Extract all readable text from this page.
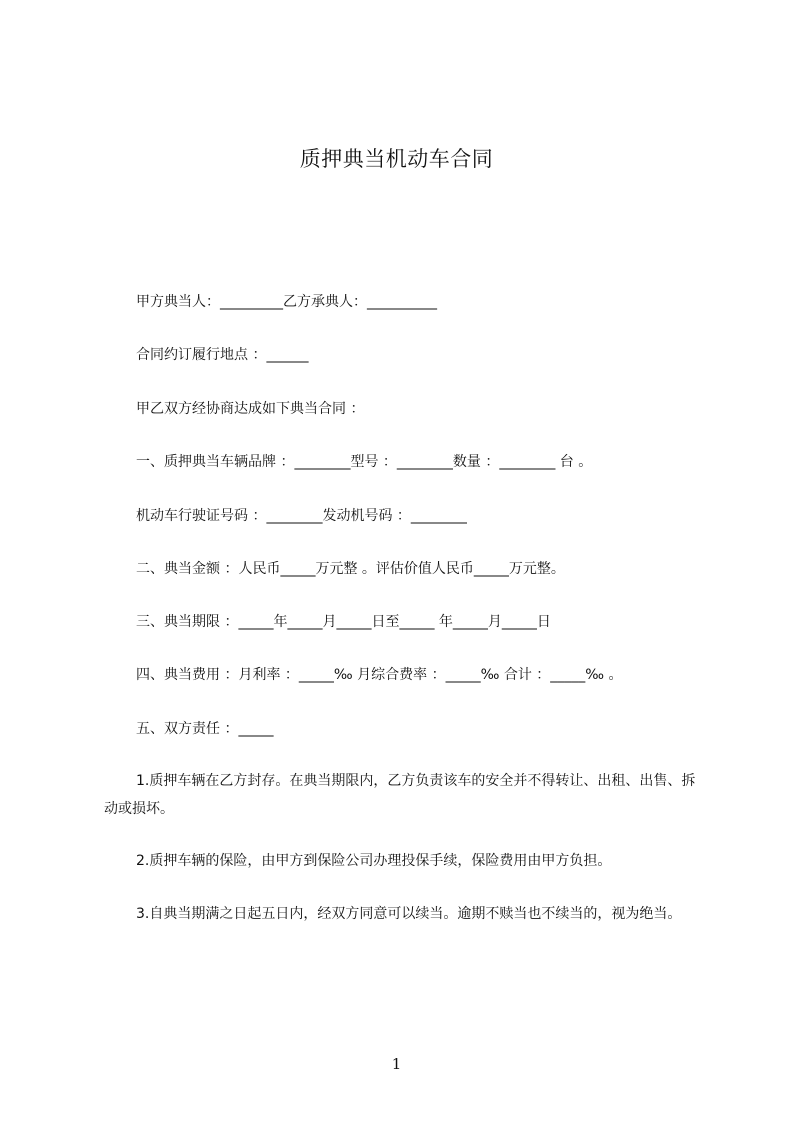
质押典当机动车合同
甲方典当人：_________乙方承典人：__________
合同约订履行地点 ：______
甲乙双方经协商达成如下典当合同 ：
一、质押典当车辆品牌 ：________型号 ：________数量 ：________ 台 。
机动车行驶证号码 ：________发动机号码 ：________
二、典当金额 ：人民币_____万元整 。评估价值人民币_____万元整。
三、典当期限 ：_____年_____月_____日至_____ 年_____月_____日
四、典当费用 ：月利率 ：_____‰ 月综合费率 ：_____‰ 合计 ：_____‰ 。
五、双方责任 ：_____
1.质押车辆在乙方封存。在典当期限内，乙方负责该车的安全并不得转让、出租、出售、拆动或损坏。
2.质押车辆的保险，由甲方到保险公司办理投保手续，保险费用由甲方负担。
3.自典当期满之日起五日内，经双方同意可以续当。逾期不赎当也不续当的，视为绝当。
1
